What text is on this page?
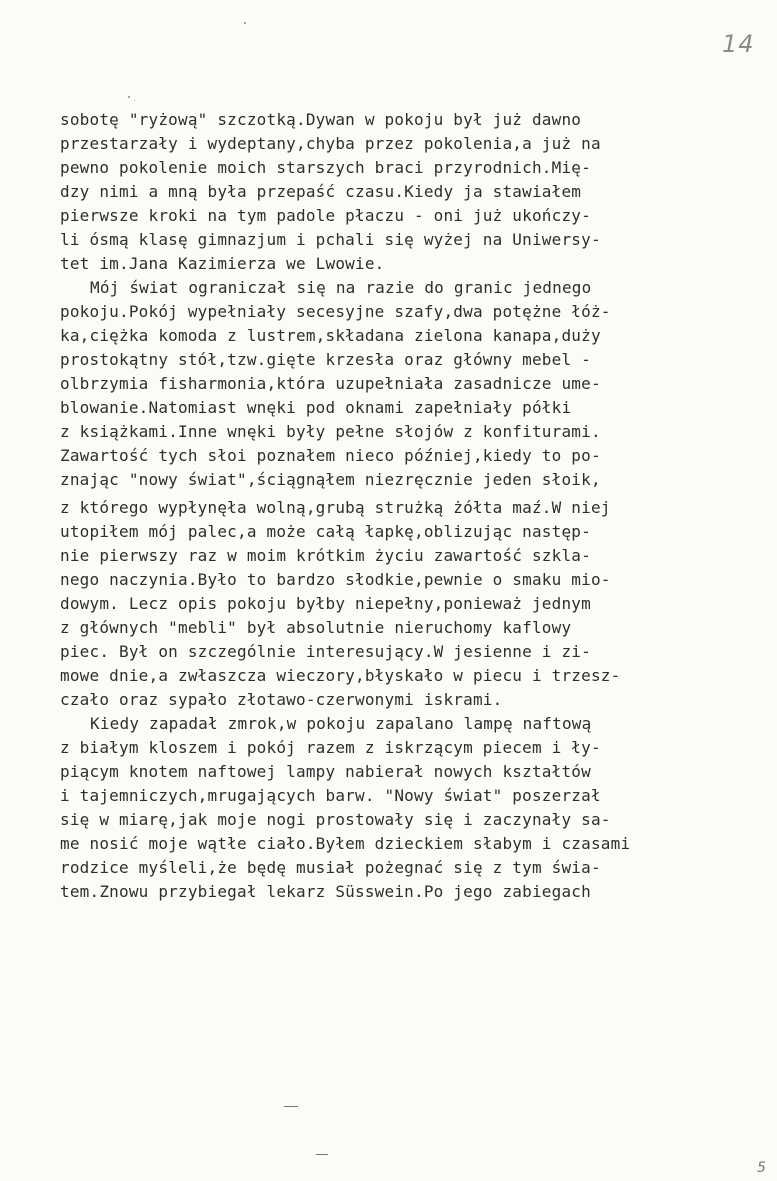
14
sobotę "ryżową" szczotką.Dywan w pokoju był już dawno
przestarzały i wydeptany,chyba przez pokolenia,a już na
pewno pokolenie moich starszych braci przyrodnich.Mię-
dzy nimi a mną była przepaść czasu.Kiedy ja stawiałem
pierwsze kroki na tym padole płaczu - oni już ukończy-
li ósmą klasę gimnazjum i pchali się wyżej na Uniwersy-
tet im.Jana Kazimierza we Lwowie.
Mój świat ograniczał się na razie do granic jednego
pokoju.Pokój wypełniały secesyjne szafy,dwa potężne łóż-
ka,ciężka komoda z lustrem,składana zielona kanapa,duży
prostokątny stół,tzw.gięte krzesła oraz główny mebel -
olbrzymia fisharmonia,która uzupełniała zasadnicze ume-
blowanie.Natomiast wnęki pod oknami zapełniały półki
z książkami.Inne wnęki były pełne słojów z konfiturami.
Zawartość tych słoi poznałem nieco później,kiedy to po-
znając "nowy świat",ściągnąłem niezręcznie jeden słoik,
z którego wypłynęła wolną,grubą strużką żółta maź.W niej
utopiłem mój palec,a może całą łapkę,oblizując następ-
nie pierwszy raz w moim krótkim życiu zawartość szkla-
nego naczynia.Było to bardzo słodkie,pewnie o smaku mio-
dowym. Lecz opis pokoju byłby niepełny,ponieważ jednym
z głównych "mebli" był absolutnie nieruchomy kaflowy
piec. Był on szczególnie interesujący.W jesienne i zi-
mowe dnie,a zwłaszcza wieczory,błyskało w piecu i trzesz-
czało oraz sypało złotawo-czerwonymi iskrami.
Kiedy zapadał zmrok,w pokoju zapalano lampę naftową
z białym kloszem i pokój razem z iskrzącym piecem i ły-
piącym knotem naftowej lampy nabierał nowych kształtów
i tajemniczych,mrugających barw. "Nowy świat" poszerzał
się w miarę,jak moje nogi prostowały się i zaczynały sa-
me nosić moje wątłe ciało.Byłem dzieckiem słabym i czasami
rodzice myśleli,że będę musiał pożegnać się z tym świa-
tem.Znowu przybiegał lekarz Süsswein.Po jego zabiegach
5
